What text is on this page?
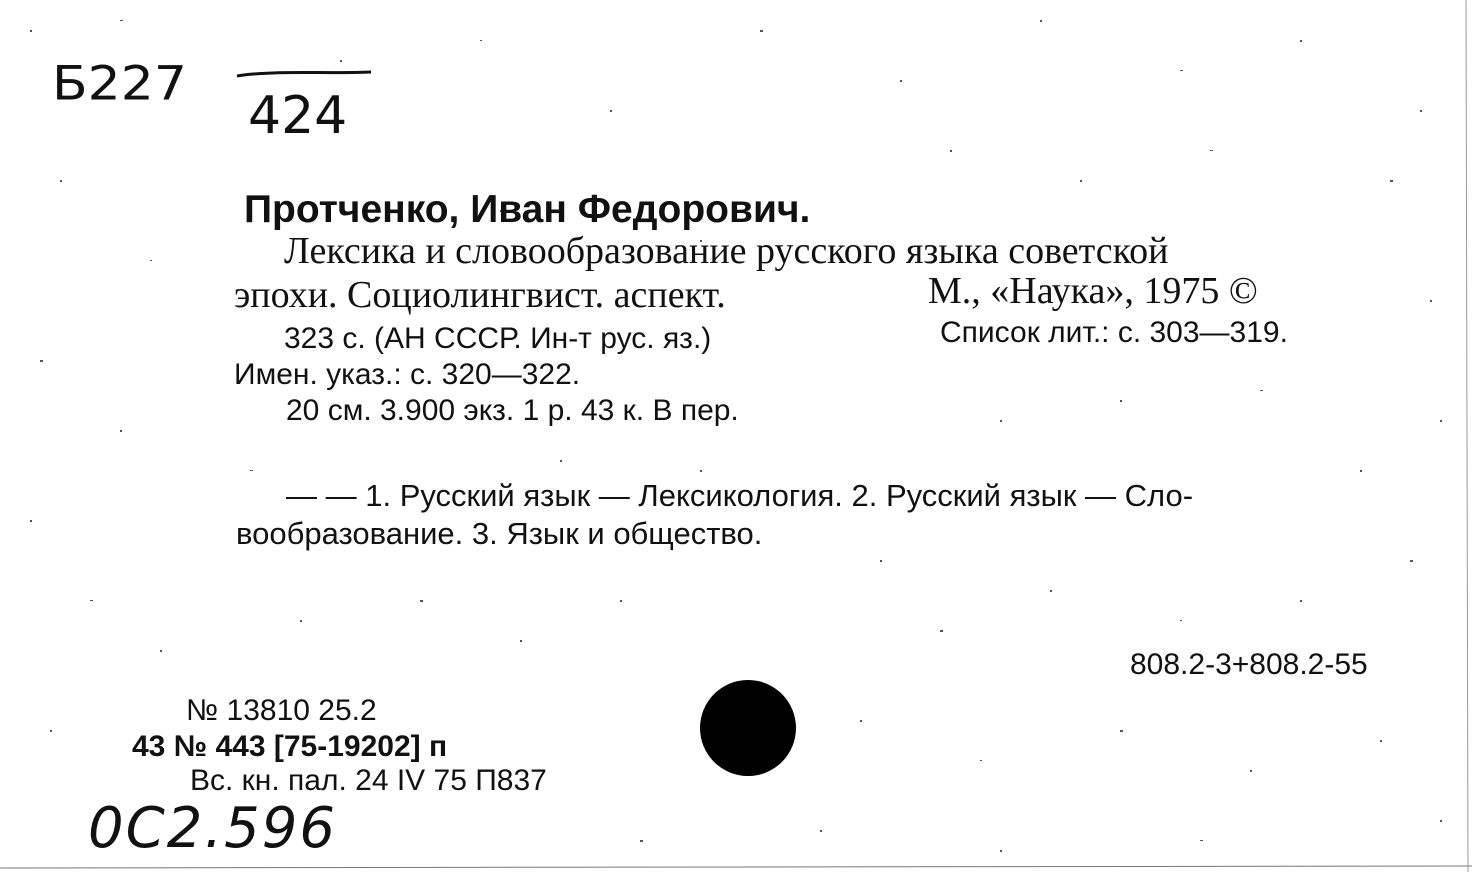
Б227
424
Протченко, Иван Федорович.
Лексика и словообразование русского языка советской
эпохи. Социолингвист. аспект.	М., «Наука», 1975 ©
323 с. (АН СССР. Ин-т рус. яз.)	Список лит.: с. 303—319.
Имен. указ.: с. 320—322.
20 см. 3.900 экз. 1 р. 43 к. В пер.
— — 1. Русский язык — Лексикология. 2. Русский язык — Сло-
вообразование. 3. Язык и общество.
808.2-3+808.2-55
№ 13810 25.2
43 № 443 [75-19202] п
Вс. кн. пал. 24 IV 75 П837
0С2.596
